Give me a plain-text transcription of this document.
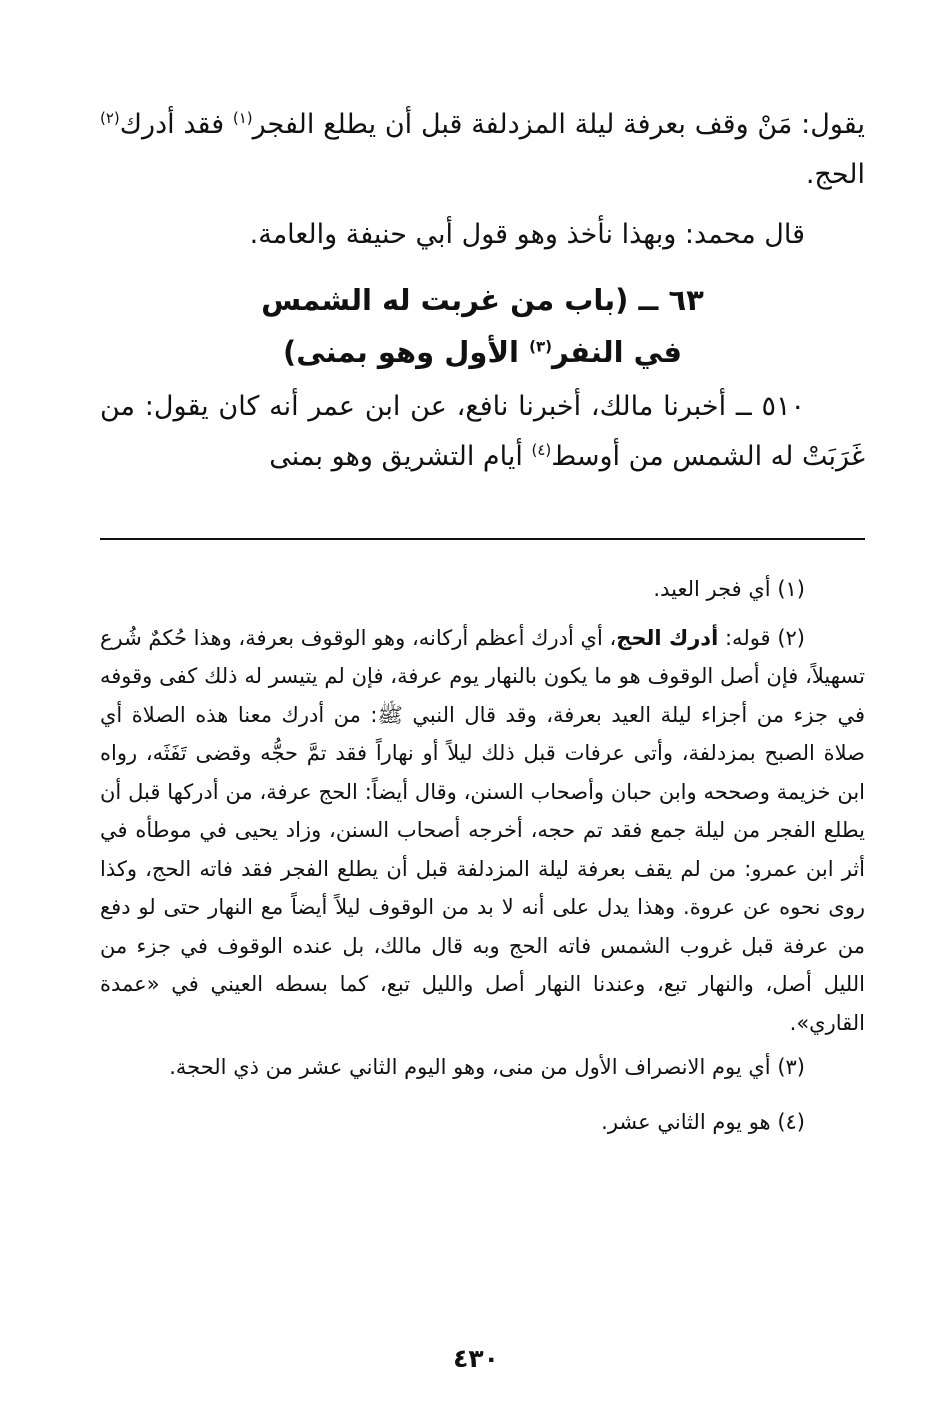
يقول: مَنْ وقف بعرفة ليلة المزدلفة قبل أن يطلع الفجر$^{(١)}$ فقد أدرك$^{(٢)}$ الحج.

قال محمد: وبهذا نأخذ وهو قول أبي حنيفة والعامة.

٦٣ ــ (باب من غربت له الشمس
في النفر$^{(٣)}$ الأول وهو بمنى)

٥١٠ ــ أخبرنا مالك، أخبرنا نافع، عن ابن عمر أنه كان يقول: من غَرَبَتْ له الشمس من أوسط$^{(٤)}$ أيام التشريق وهو بمنى

(١) أي فجر العيد.

(٢) قوله: أدرك الحج، أي أدرك أعظم أركانه، وهو الوقوف بعرفة، وهذا حُكمٌ شُرع تسهيلاً، فإن أصل الوقوف هو ما يكون بالنهار يوم عرفة، فإن لم يتيسر له ذلك كفى وقوفه في جزء من أجزاء ليلة العيد بعرفة، وقد قال النبي ﷺ: من أدرك معنا هذه الصلاة أي صلاة الصبح بمزدلفة، وأتى عرفات قبل ذلك ليلاً أو نهاراً فقد تمَّ حجُّه وقضى تَفَثَه، رواه ابن خزيمة وصححه وابن حبان وأصحاب السنن، وقال أيضاً: الحج عرفة، من أدركها قبل أن يطلع الفجر من ليلة جمع فقد تم حجه، أخرجه أصحاب السنن، وزاد يحيى في موطأه في أثر ابن عمرو: من لم يقف بعرفة ليلة المزدلفة قبل أن يطلع الفجر فقد فاته الحج، وكذا روى نحوه عن عروة. وهذا يدل على أنه لا بد من الوقوف ليلاً أيضاً مع النهار حتى لو دفع من عرفة قبل غروب الشمس فاته الحج وبه قال مالك، بل عنده الوقوف في جزء من الليل أصل، والنهار تبع، وعندنا النهار أصل والليل تبع، كما بسطه العيني في «عمدة القاري».

(٣) أي يوم الانصراف الأول من منى، وهو اليوم الثاني عشر من ذي الحجة.

(٤) هو يوم الثاني عشر.

٤٣٠
